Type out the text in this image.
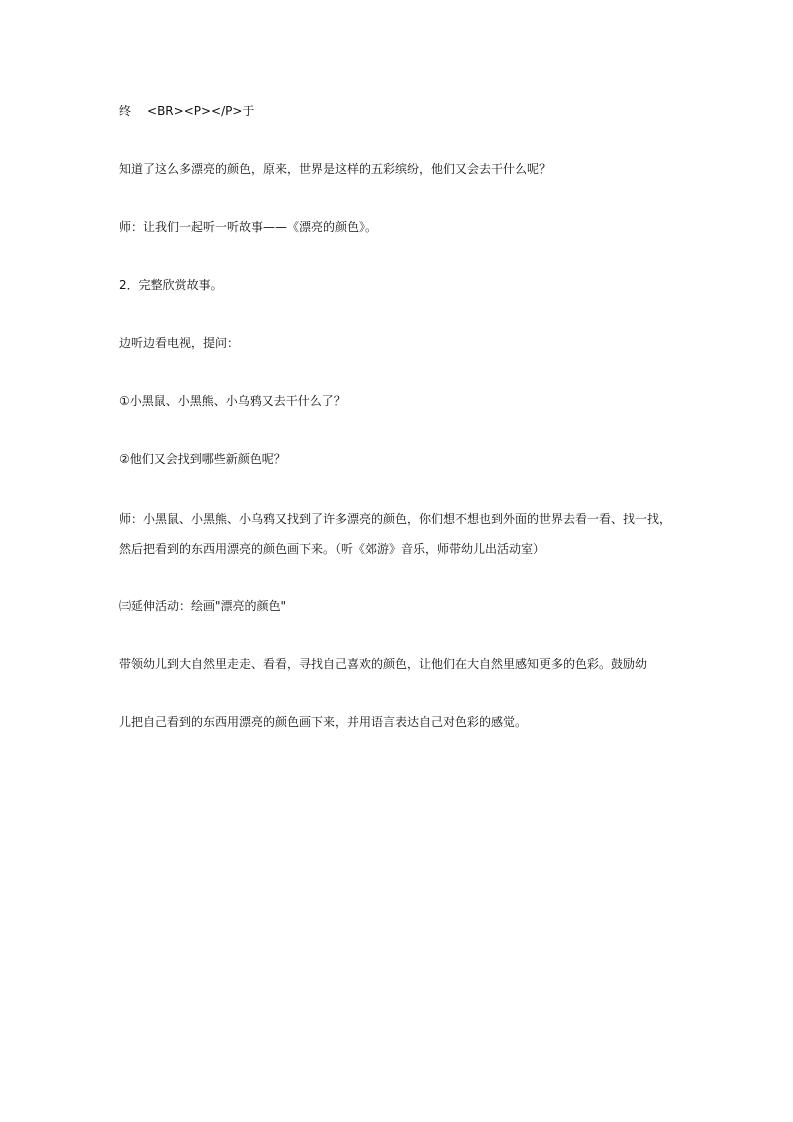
终 <BR><P></P>于
知道了这么多漂亮的颜色，原来，世界是这样的五彩缤纷，他们又会去干什么呢？
师：让我们一起听一听故事——《漂亮的颜色》。
2．完整欣赏故事。
边听边看电视，提问：
①小黑鼠、小黑熊、小乌鸦又去干什么了？
②他们又会找到哪些新颜色呢？
师：小黑鼠、小黑熊、小乌鸦又找到了许多漂亮的颜色，你们想不想也到外面的世界去看一看、找一找，
然后把看到的东西用漂亮的颜色画下来。（听《郊游》音乐，师带幼儿出活动室）
㈢延伸活动：绘画"漂亮的颜色"
带领幼儿到大自然里走走、看看，寻找自己喜欢的颜色，让他们在大自然里感知更多的色彩。鼓励幼
儿把自己看到的东西用漂亮的颜色画下来，并用语言表达自己对色彩的感觉。
